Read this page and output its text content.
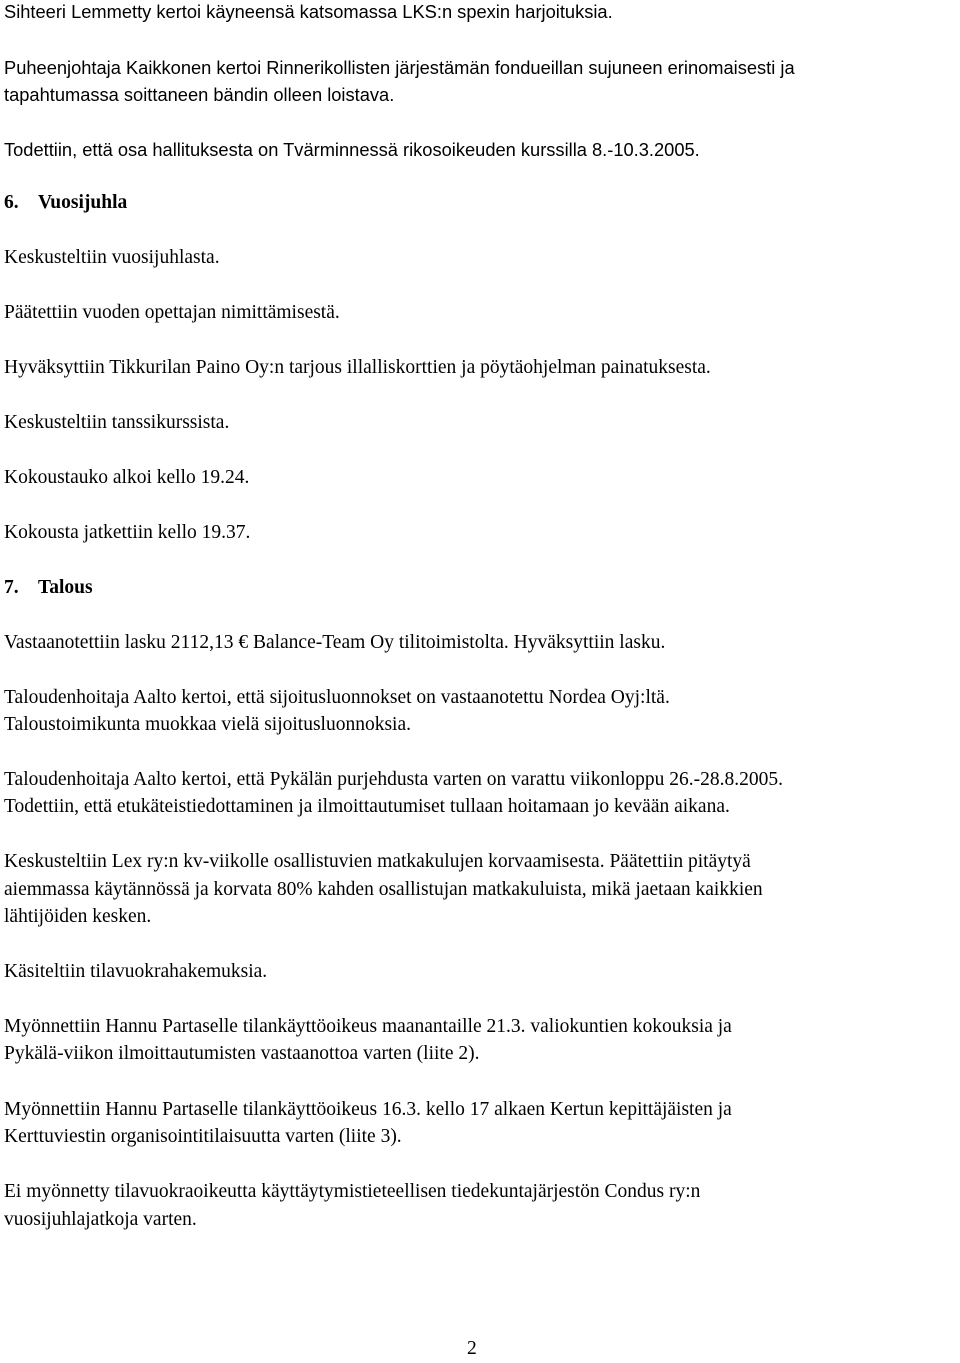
Sihteeri Lemmetty kertoi käyneensä katsomassa LKS:n spexin harjoituksia.

Puheenjohtaja Kaikkonen kertoi Rinnerikollisten järjestämän fondueillan sujuneen erinomaisesti ja

tapahtumassa soittaneen bändin olleen loistava.

Todettiin, että osa hallituksesta on Tvärminnessä rikosoikeuden kurssilla 8.-10.3.2005.

6. Vuosijuhla

Keskusteltiin vuosijuhlasta.

Päätettiin vuoden opettajan nimittämisestä.

Hyväksyttiin Tikkurilan Paino Oy:n tarjous illalliskorttien ja pöytäohjelman painatuksesta.

Keskusteltiin tanssikurssista.

Kokoustauko alkoi kello 19.24.

Kokousta jatkettiin kello 19.37.

7. Talous

Vastaanotettiin lasku 2112,13 € Balance-Team Oy tilitoimistolta. Hyväksyttiin lasku.

Taloudenhoitaja Aalto kertoi, että sijoitusluonnokset on vastaanotettu Nordea Oyj:ltä.

Taloustoimikunta muokkaa vielä sijoitusluonnoksia.

Taloudenhoitaja Aalto kertoi, että Pykälän purjehdusta varten on varattu viikonloppu 26.-28.8.2005.

Todettiin, että etukäteistiedottaminen ja ilmoittautumiset tullaan hoitamaan jo kevään aikana.

Keskusteltiin Lex ry:n kv-viikolle osallistuvien matkakulujen korvaamisesta. Päätettiin pitäytyä

aiemmassa käytännössä ja korvata 80% kahden osallistujan matkakuluista, mikä jaetaan kaikkien

lähtijöiden kesken.

Käsiteltiin tilavuokrahakemuksia.

Myönnettiin Hannu Partaselle tilankäyttöoikeus maanantaille 21.3. valiokuntien kokouksia ja

Pykälä-viikon ilmoittautumisten vastaanottoa varten (liite 2).

Myönnettiin Hannu Partaselle tilankäyttöoikeus 16.3. kello 17 alkaen Kertun kepittäjäisten ja

Kerttuviestin organisointitilaisuutta varten (liite 3).

Ei myönnetty tilavuokraoikeutta käyttäytymistieteellisen tiedekuntajärjestön Condus ry:n

vuosijuhlajatkoja varten.

2
